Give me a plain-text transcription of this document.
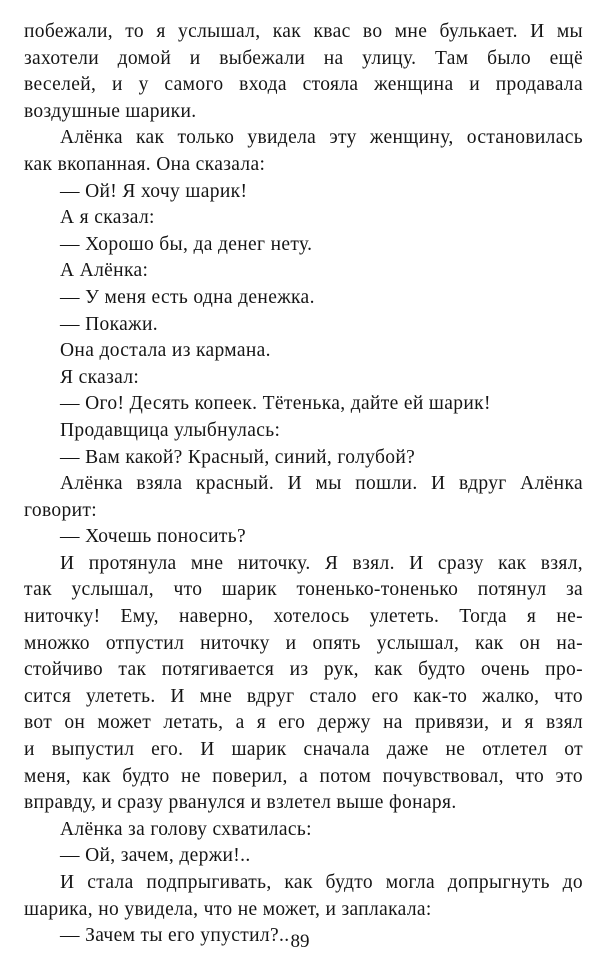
побежали, то я услышал, как квас во мне булькает. И мы
захотели домой и выбежали на улицу. Там было ещё
веселей, и у самого входа стояла женщина и продавала
воздушные шарики.
Алёнка как только увидела эту женщину, остановилась
как вкопанная. Она сказала:
— Ой! Я хочу шарик!
А я сказал:
— Хорошо бы, да денег нету.
А Алёнка:
— У меня есть одна денежка.
— Покажи.
Она достала из кармана.
Я сказал:
— Ого! Десять копеек. Тётенька, дайте ей шарик!
Продавщица улыбнулась:
— Вам какой? Красный, синий, голубой?
Алёнка взяла красный. И мы пошли. И вдруг Алёнка
говорит:
— Хочешь поносить?
И протянула мне ниточку. Я взял. И сразу как взял,
так услышал, что шарик тоненько-тоненько потянул за
ниточку! Ему, наверно, хотелось улететь. Тогда я не-
множко отпустил ниточку и опять услышал, как он на-
стойчиво так потягивается из рук, как будто очень про-
сится улететь. И мне вдруг стало его как-то жалко, что
вот он может летать, а я его держу на привязи, и я взял
и выпустил его. И шарик сначала даже не отлетел от
меня, как будто не поверил, а потом почувствовал, что это
вправду, и сразу рванулся и взлетел выше фонаря.
Алёнка за голову схватилась:
— Ой, зачем, держи!..
И стала подпрыгивать, как будто могла допрыгнуть до
шарика, но увидела, что не может, и заплакала:
— Зачем ты его упустил?.. 89
